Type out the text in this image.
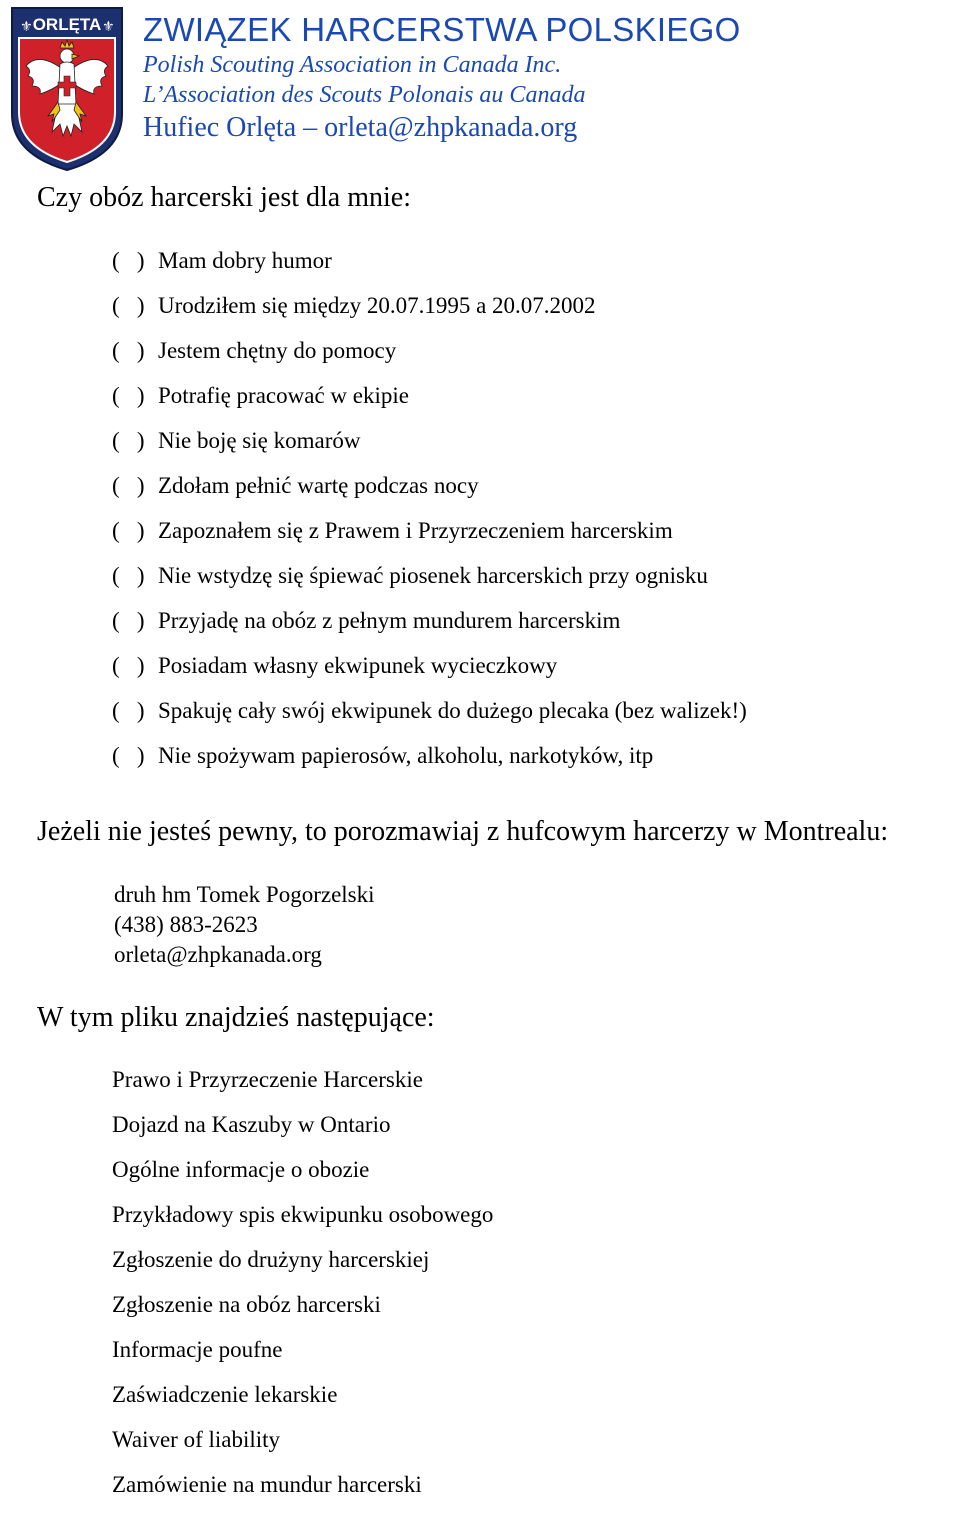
ORLĘTA
⚜	⚜ ZWIĄZEK HARCERSTWA POLSKIEGO
Polish Scouting Association in Canada Inc.
L’Association des Scouts Polonais au Canada
Hufiec Orlęta – orleta@zhpkanada.org
Czy obóz harcerski jest dla mnie:
(   ) Mam dobry humor
(   ) Urodziłem się między 20.07.1995 a 20.07.2002
(   ) Jestem chętny do pomocy
(   ) Potrafię pracować w ekipie
(   ) Nie boję się komarów
(   ) Zdołam pełnić wartę podczas nocy
(   ) Zapoznałem się z Prawem i Przyrzeczeniem harcerskim
(   ) Nie wstydzę się śpiewać piosenek harcerskich przy ognisku
(   ) Przyjadę na obóz z pełnym mundurem harcerskim
(   ) Posiadam własny ekwipunek wycieczkowy
(   ) Spakuję cały swój ekwipunek do dużego plecaka (bez walizek!)
(   ) Nie spożywam papierosów, alkoholu, narkotyków, itp
Jeżeli nie jesteś pewny, to porozmawiaj z hufcowym harcerzy w Montrealu:
druh hm Tomek Pogorzelski
(438) 883-2623
orleta@zhpkanada.org
W tym pliku znajdzieś następujące:
Prawo i Przyrzeczenie Harcerskie
Dojazd na Kaszuby w Ontario
Ogólne informacje o obozie
Przykładowy spis ekwipunku osobowego
Zgłoszenie do drużyny harcerskiej
Zgłoszenie na obóz harcerski
Informacje poufne
Zaświadczenie lekarskie
Waiver of liability
Zamówienie na mundur harcerski
